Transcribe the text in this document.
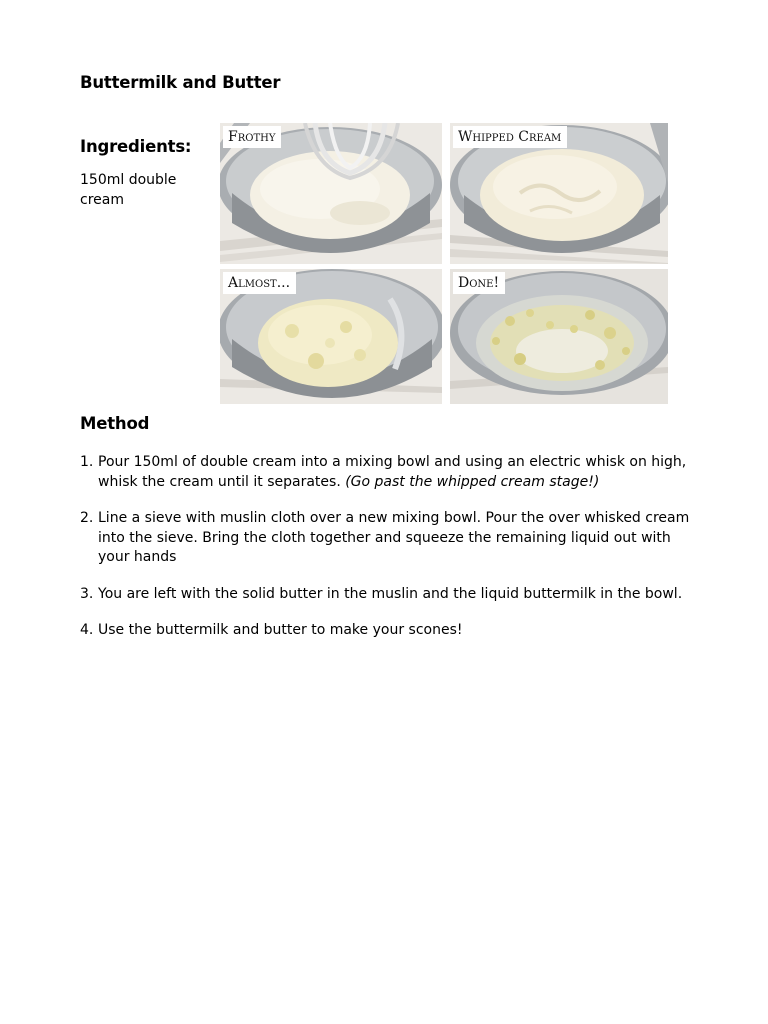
Buttermilk and Butter
Ingredients:

150ml double cream

Frothy	Whipped Cream
Almost...	Done!
Method
1. Pour 150ml of double cream into a mixing bowl and using an electric whisk on high, whisk the cream until it separates. (Go past the whipped cream stage!)
2. Line a sieve with muslin cloth over a new mixing bowl. Pour the over whisked cream into the sieve. Bring the cloth together and squeeze the remaining liquid out with your hands
3. You are left with the solid butter in the muslin and the liquid buttermilk in the bowl.
4. Use the buttermilk and butter to make your scones!
